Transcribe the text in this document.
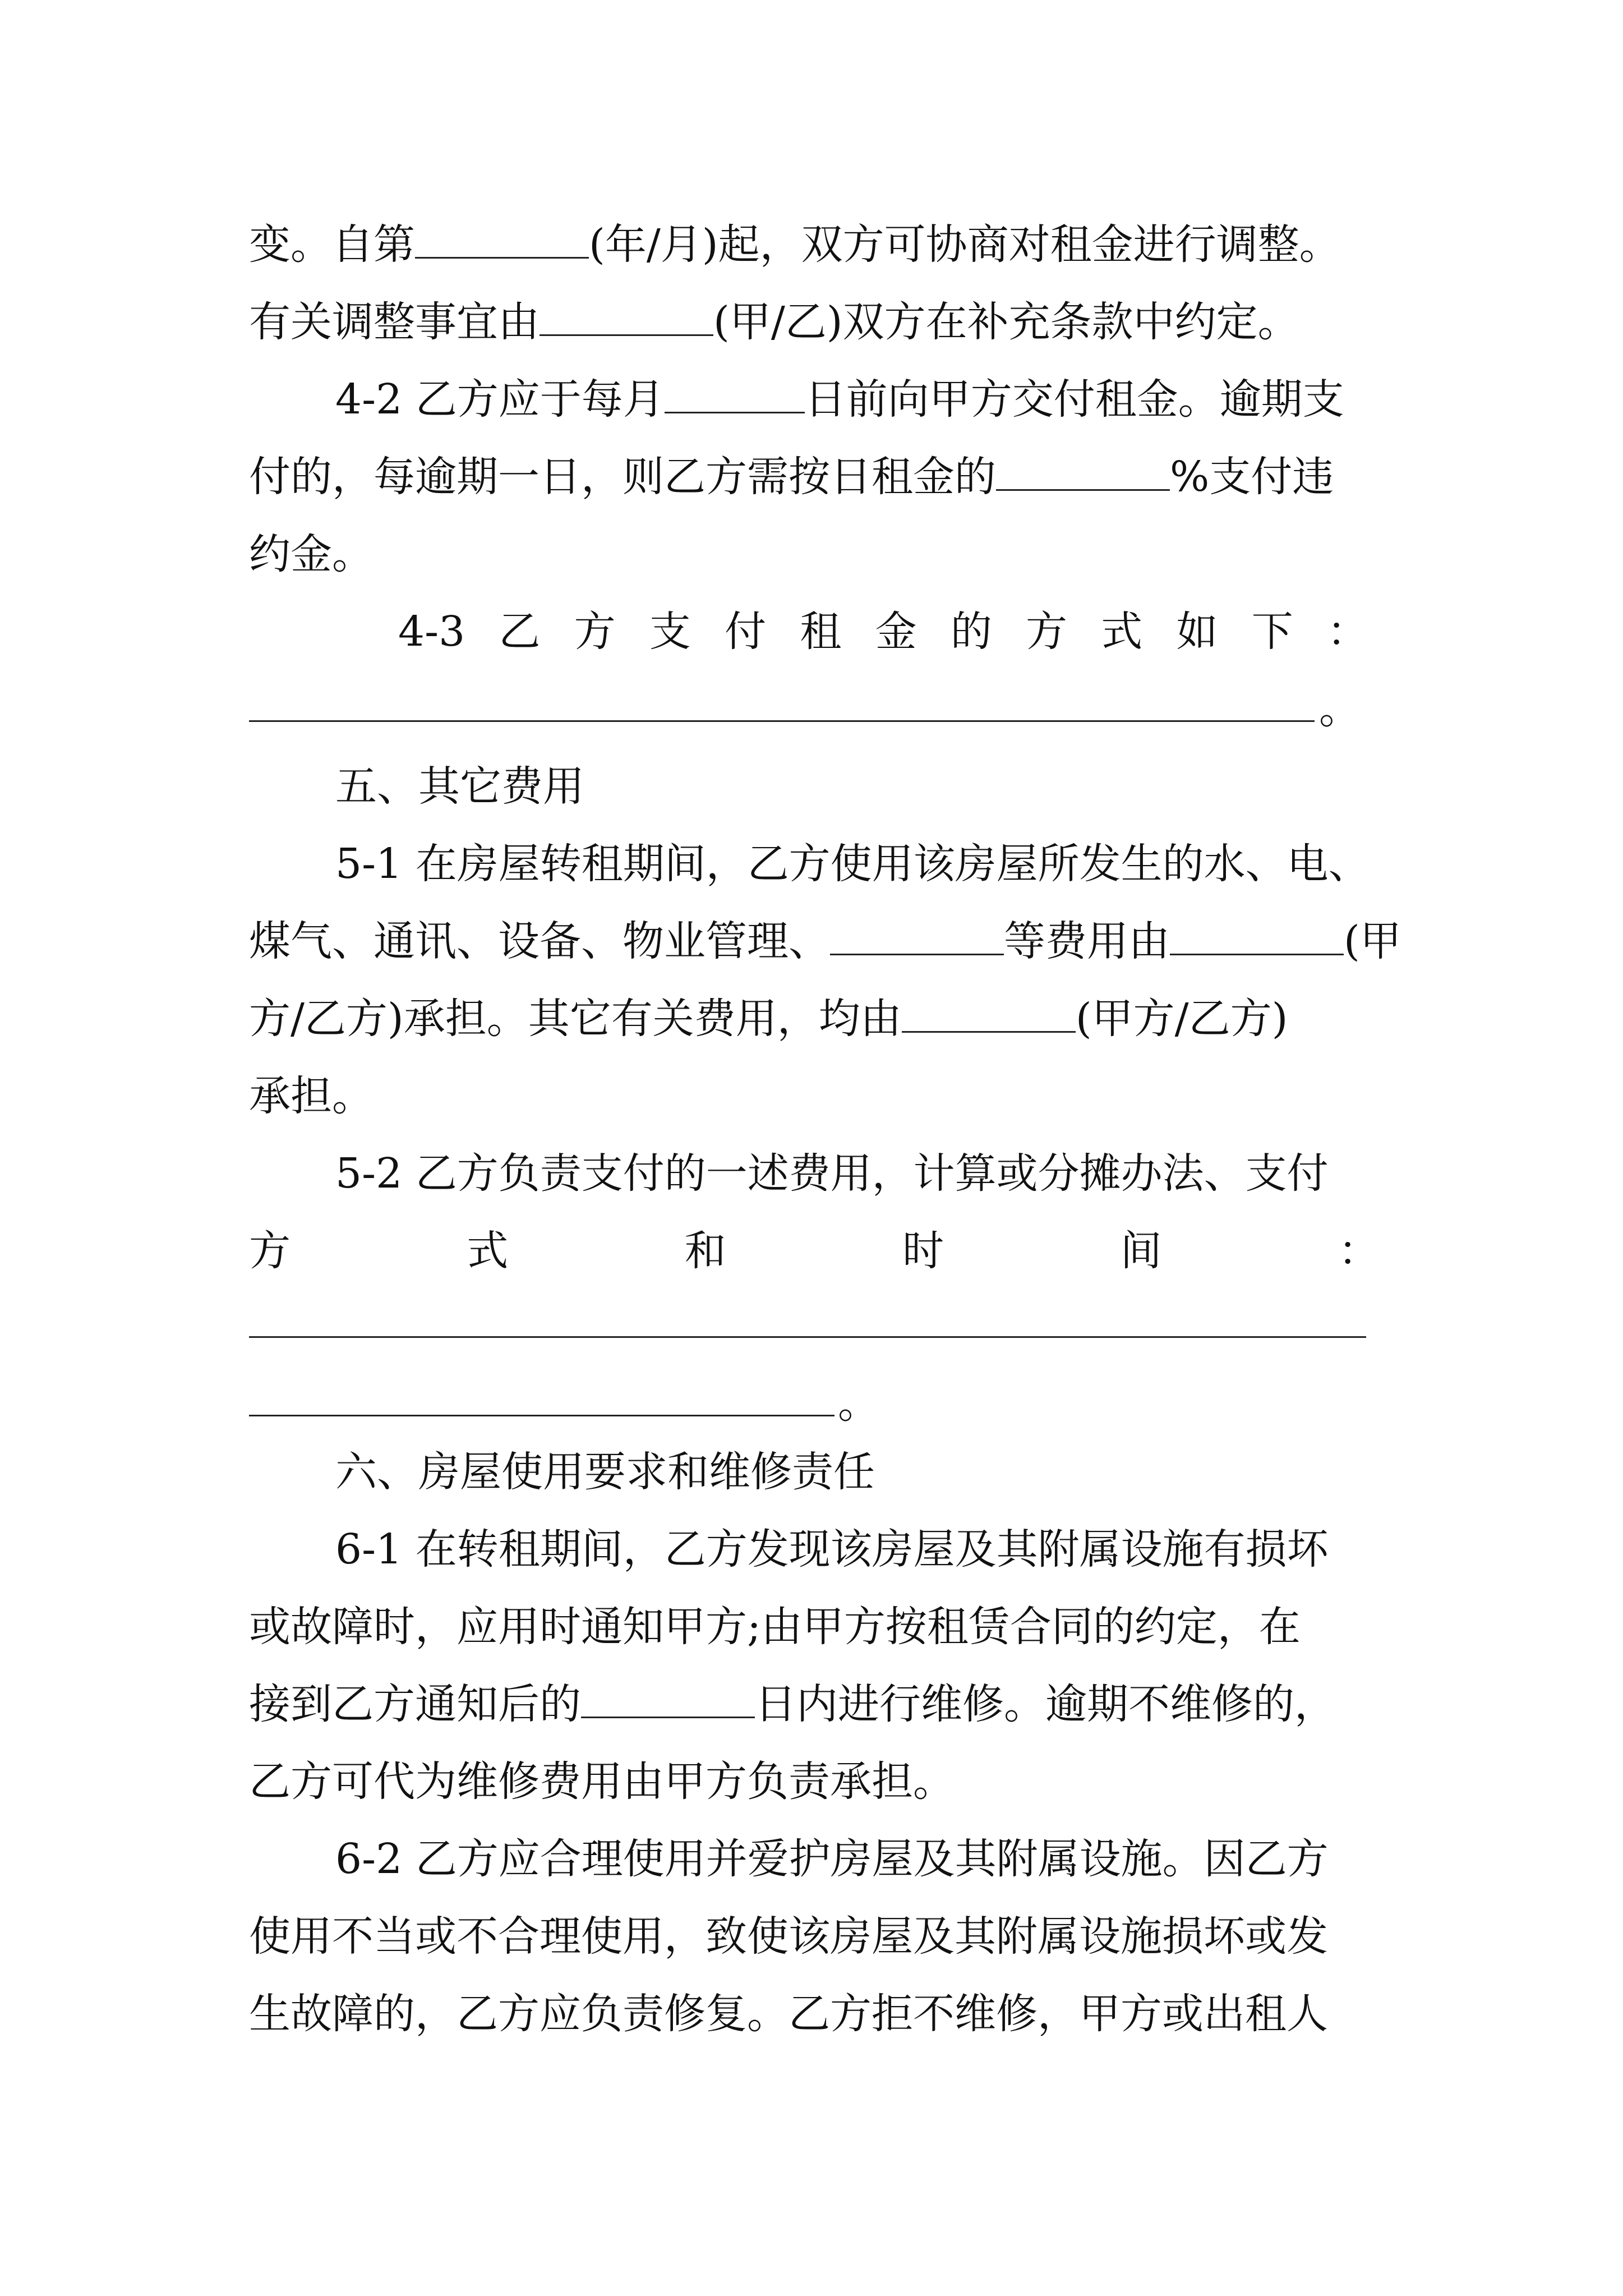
变。自第	(年/月)起，双方可协商对租金进行调整。
有关调整事宜由	(甲/乙)双方在补充条款中约定。
4-2 乙方应于每月	日前向甲方交付租金。逾期支
付的，每逾期一日，则乙方需按日租金的	%支付违
约金。
4-3 乙 方 支 付 租 金 的 方 式 如 下 ：
。
五、其它费用
5-1 在房屋转租期间，乙方使用该房屋所发生的水、电、
煤气、通讯、设备、物业管理、	等费用由	(甲
方/乙方)承担。其它有关费用，均由	(甲方/乙方)
承担。
5-2 乙方负责支付的一述费用，计算或分摊办法、支付
方	式	和	时	间	：
。
六、房屋使用要求和维修责任
6-1 在转租期间，乙方发现该房屋及其附属设施有损坏
或故障时，应用时通知甲方;由甲方按租赁合同的约定，在
接到乙方通知后的	日内进行维修。逾期不维修的，
乙方可代为维修费用由甲方负责承担。
6-2 乙方应合理使用并爱护房屋及其附属设施。因乙方
使用不当或不合理使用，致使该房屋及其附属设施损坏或发
生故障的，乙方应负责修复。乙方拒不维修，甲方或出租人
